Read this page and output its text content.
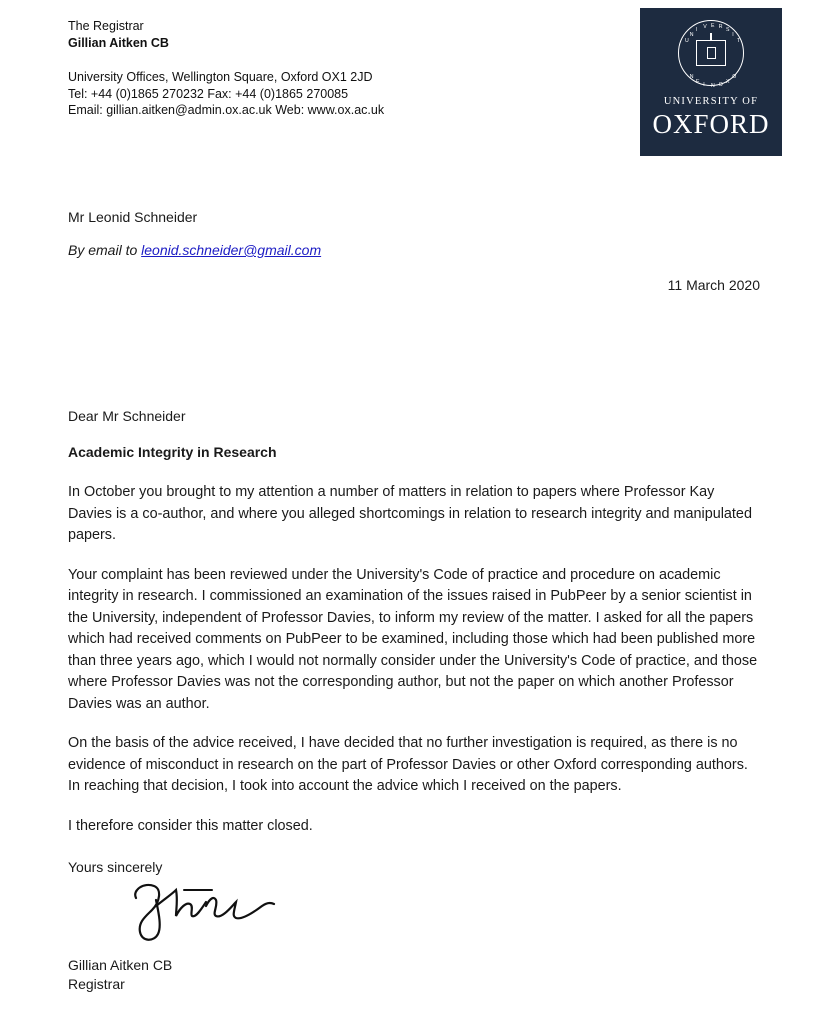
The Registrar
Gillian Aitken CB
University Offices, Wellington Square, Oxford OX1 2JD
Tel: +44 (0)1865 270232 Fax: +44 (0)1865 270085
Email: gillian.aitken@admin.ox.ac.uk Web: www.ox.ac.uk
U
N
I V E R S
I
T
O
X
O
N
I
E
N
UNIVERSITY OF
OXFORD
Mr Leonid Schneider
By email to leonid.schneider@gmail.com
11 March 2020

Dear Mr Schneider

Academic Integrity in Research

In October you brought to my attention a number of matters in relation to papers where Professor Kay Davies is a co-author, and where you alleged shortcomings in relation to research integrity and manipulated papers.

Your complaint has been reviewed under the University's Code of practice and procedure on academic integrity in research. I commissioned an examination of the issues raised in PubPeer by a senior scientist in the University, independent of Professor Davies, to inform my review of the matter. I asked for all the papers which had received comments on PubPeer to be examined, including those which had been published more than three years ago, which I would not normally consider under the University's Code of practice, and those where Professor Davies was not the corresponding author, but not the paper on which another Professor Davies was an author.

On the basis of the advice received, I have decided that no further investigation is required, as there is no evidence of misconduct in research on the part of Professor Davies or other Oxford corresponding authors. In reaching that decision, I took into account the advice which I received on the papers.

I therefore consider this matter closed.

Yours sincerely

Gillian Aitken CB
Registrar
